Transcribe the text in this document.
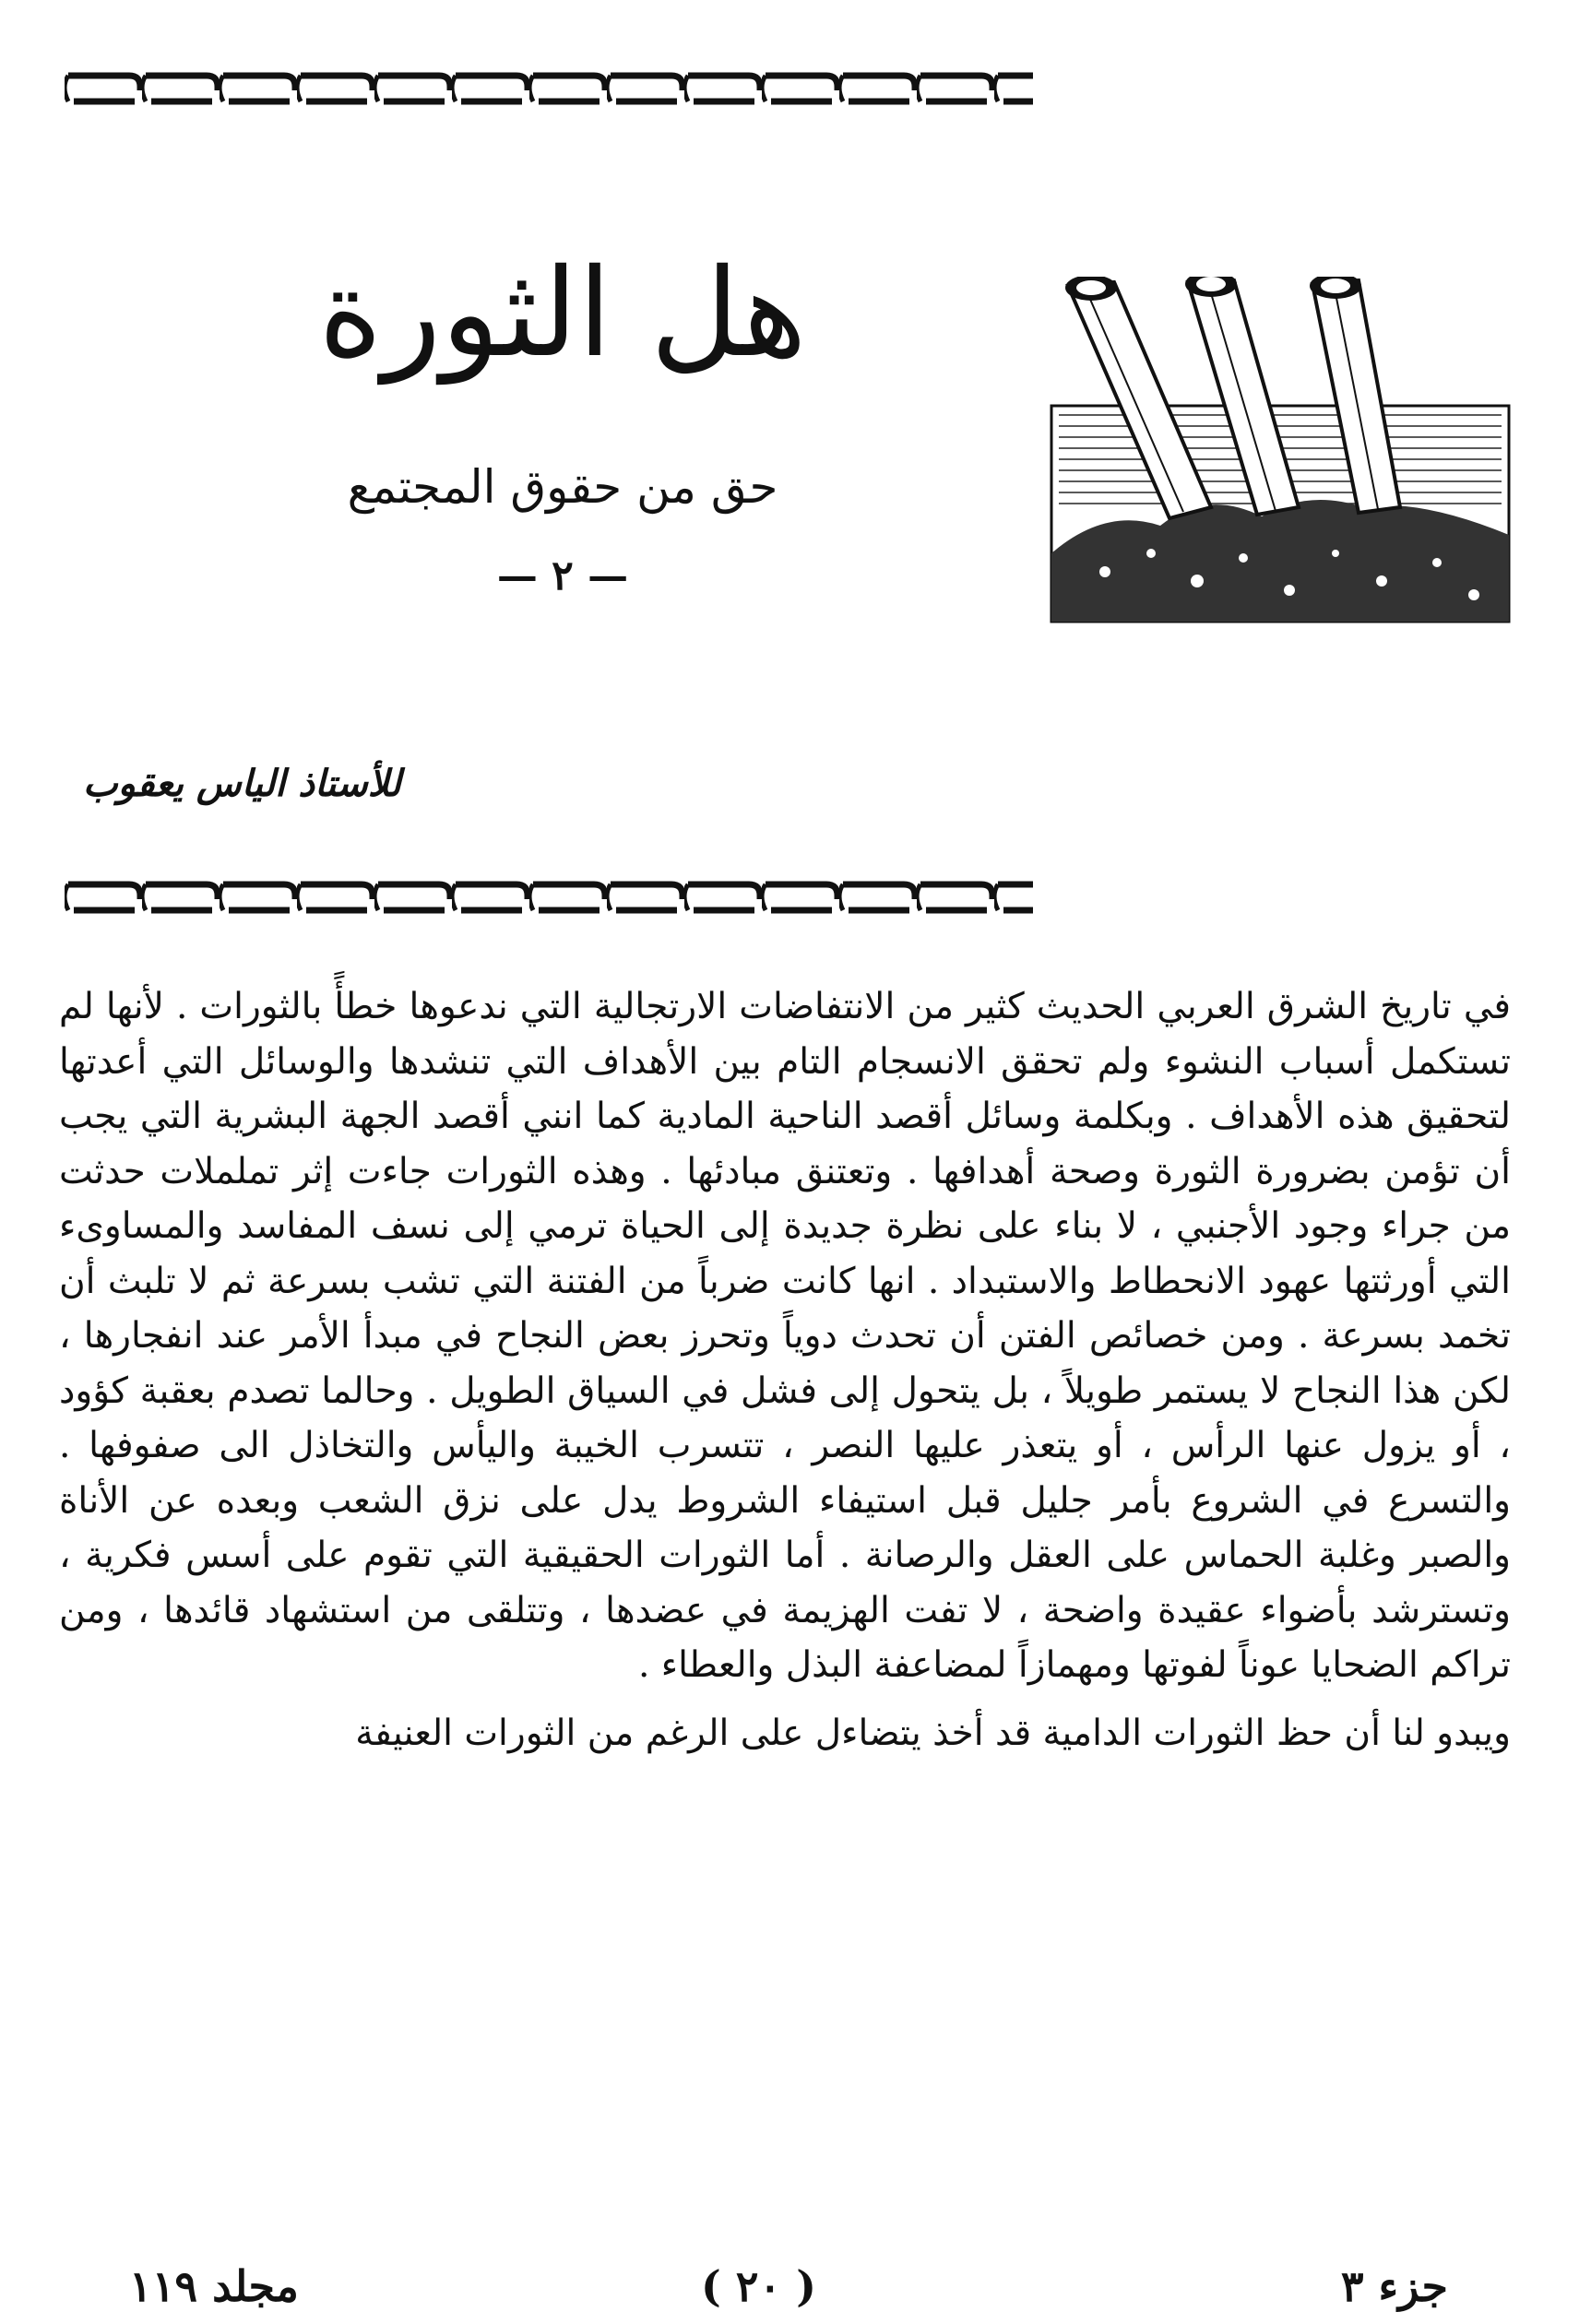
هل الثورة

حق من حقوق المجتمع

— ٢ —

للأستاذ الياس يعقوب

في تاريخ الشرق العربي الحديث كثير من الانتفاضات الارتجالية التي ندعوها خطأً بالثورات . لأنها لم تستكمل أسباب النشوء ولم تحقق الانسجام التام بين الأهداف التي تنشدها والوسائل التي أعدتها لتحقيق هذه الأهداف . وبكلمة وسائل أقصد الناحية المادية كما انني أقصد الجهة البشرية التي يجب أن تؤمن بضرورة الثورة وصحة أهدافها . وتعتنق مبادئها . وهذه الثورات جاءت إثر تململات حدثت من جراء وجود الأجنبي ، لا بناء على نظرة جديدة إلى الحياة ترمي إلى نسف المفاسد والمساوىء التي أورثتها عهود الانحطاط والاستبداد . انها كانت ضرباً من الفتنة التي تشب بسرعة ثم لا تلبث أن تخمد بسرعة . ومن خصائص الفتن أن تحدث دوياً وتحرز بعض النجاح في مبدأ الأمر عند انفجارها ، لكن هذا النجاح لا يستمر طويلاً ، بل يتحول إلى فشل في السياق الطويل . وحالما تصدم بعقبة كؤود ، أو يزول عنها الرأس ، أو يتعذر عليها النصر ، تتسرب الخيبة واليأس والتخاذل الى صفوفها . والتسرع في الشروع بأمر جليل قبل استيفاء الشروط يدل على نزق الشعب وبعده عن الأناة والصبر وغلبة الحماس على العقل والرصانة . أما الثورات الحقيقية التي تقوم على أسس فكرية ، وتسترشد بأضواء عقيدة واضحة ، لا تفت الهزيمة في عضدها ، وتتلقى من استشهاد قائدها ، ومن تراكم الضحايا عوناً لفوتها ومهمازاً لمضاعفة البذل والعطاء .

ويبدو لنا أن حظ الثورات الدامية قد أخذ يتضاءل على الرغم من الثورات العنيفة

مجلد ١١٩	( ٢٠ )	جزء ٣
